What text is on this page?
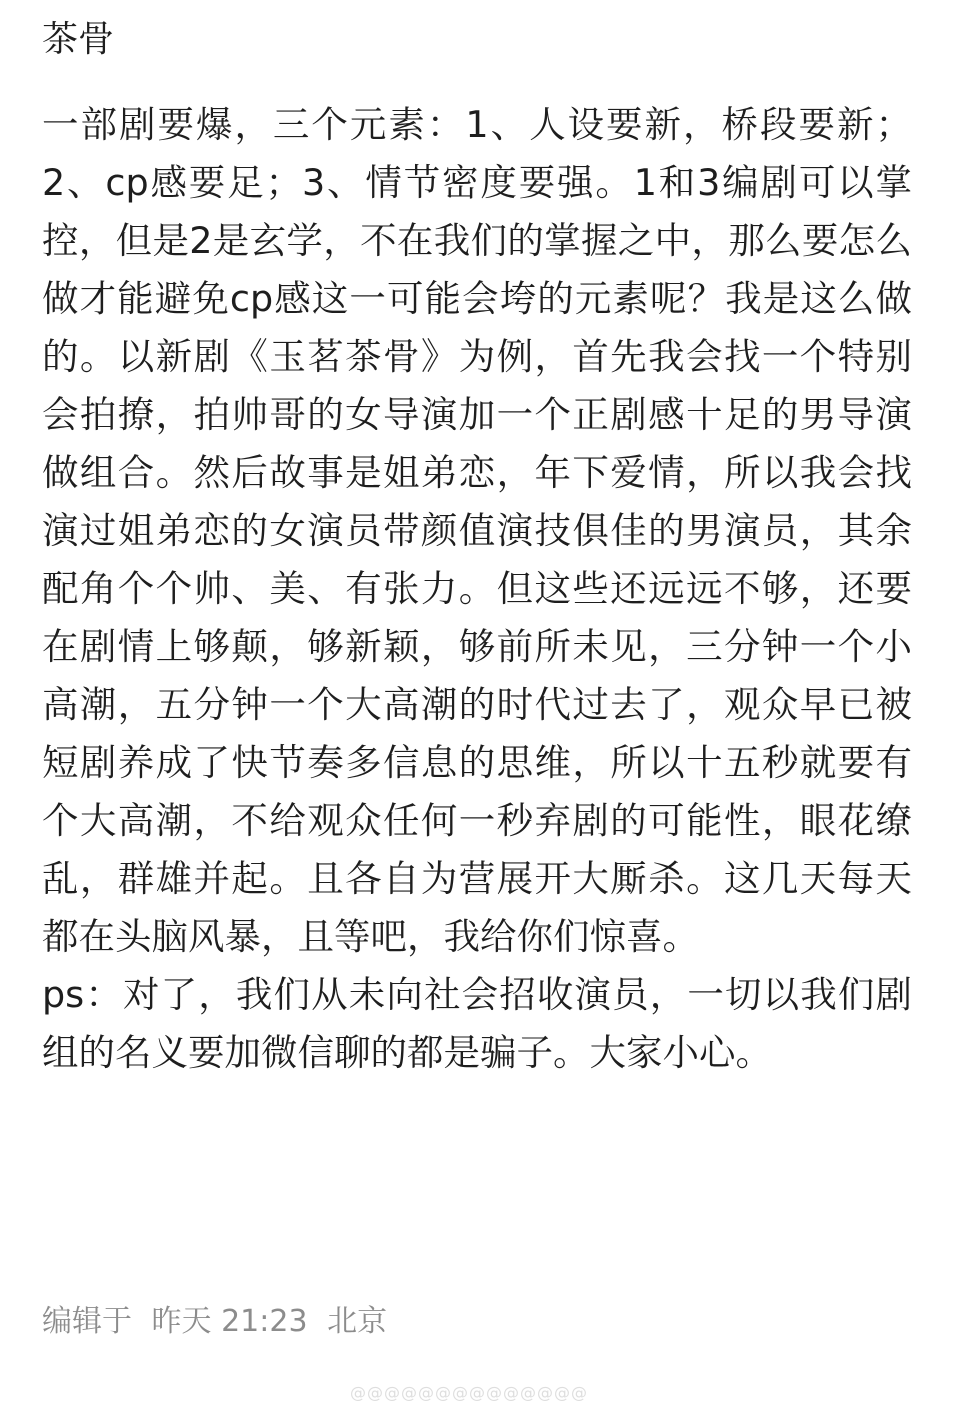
茶骨

一部剧要爆，三个元素：1、人设要新，桥段要新；2、cp感要足；3、情节密度要强。1和3编剧可以掌控，但是2是玄学，不在我们的掌握之中，那么要怎么做才能避免cp感这一可能会垮的元素呢？我是这么做的。以新剧《玉茗茶骨》为例，首先我会找一个特别会拍撩，拍帅哥的女导演加一个正剧感十足的男导演做组合。然后故事是姐弟恋，年下爱情，所以我会找演过姐弟恋的女演员带颜值演技俱佳的男演员，其余配角个个帅、美、有张力。但这些还远远不够，还要在剧情上够颠，够新颖，够前所未见，三分钟一个小高潮，五分钟一个大高潮的时代过去了，观众早已被短剧养成了快节奏多信息的思维，所以十五秒就要有个大高潮，不给观众任何一秒弃剧的可能性，眼花缭乱，群雄并起。且各自为营展开大厮杀。这几天每天都在头脑风暴，且等吧，我给你们惊喜。

ps：对了，我们从未向社会招收演员，一切以我们剧组的名义要加微信聊的都是骗子。大家小心。

编辑于 昨天 21:23 北京
@@@@@@@@@@@@@@
